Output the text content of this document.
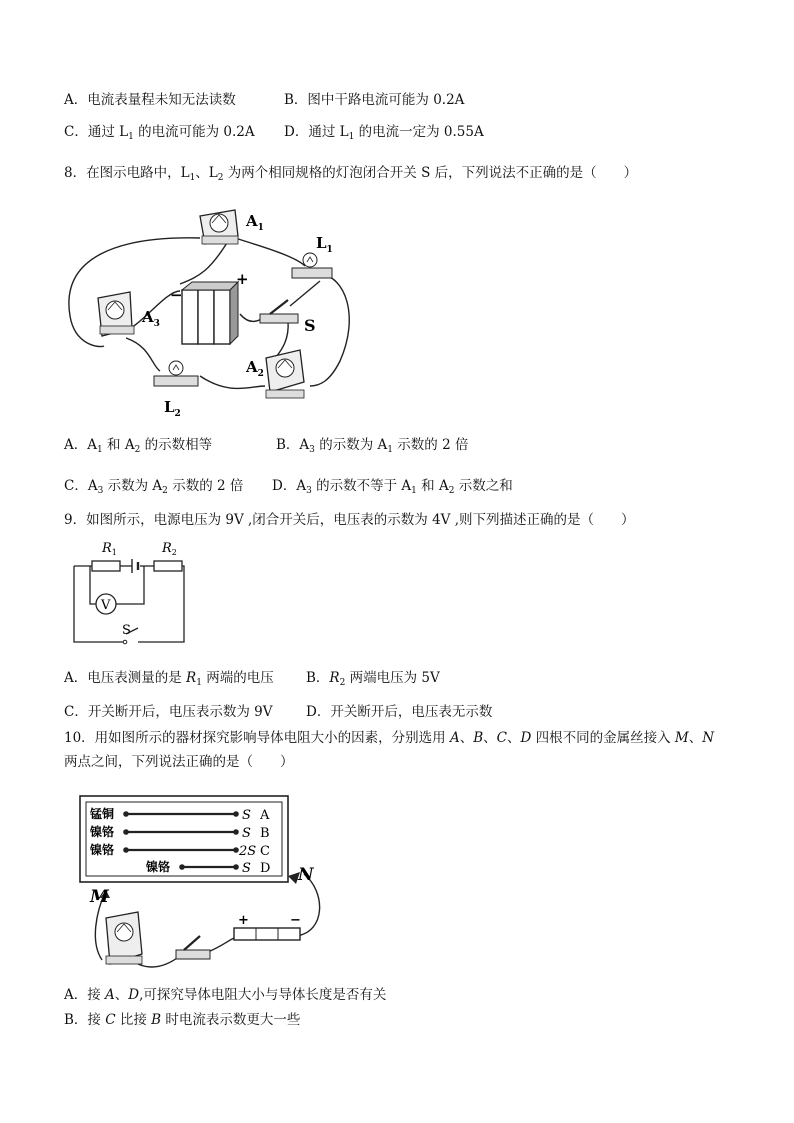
A．电流表量程未知无法读数	B．图中干路电流可能为 0.2A
C．通过 $L_1$ 的电流可能为 0.2A D．通过 $L_1$ 的电流一定为 0.55A
8．在图示电路中，$L_1$、$L_2$ 为两个相同规格的灯泡闭合开关 S 后，下列说法不正确的是（　　）
$A_1$
$L_1$
$A_3$	S
+
−
$A_2$
$L_2$
A．$A_1$ 和 $A_2$ 的示数相等	B．$A_3$ 的示数为 $A_1$ 示数的 2 倍
C．$A_3$ 示数为 $A_2$ 示数的 2 倍 D．$A_3$ 的示数不等于 $A_1$ 和 $A_2$ 示数之和
9．如图所示，电源电压为 9V ,闭合开关后，电压表的示数为 4V ,则下列描述正确的是（　　）
V
$R_1$	$R_2$
S
A．电压表测量的是 $R_1$ 两端的电压 B．$R_2$ 两端电压为 5V
C．开关断开后，电压表示数为 9V D．开关断开后，电压表无示数
10．用如图所示的器材探究影响导体电阻大小的因素，分别选用 A、B、C、D 四根不同的金属丝接入 M、N
两点之间，下列说法正确的是（　　）
锰铜
镍铬
镍铬
镍铬
S
S
2S
S
A
B
C
D
M
N
+	−
A．接 A、D,可探究导体电阻大小与导体长度是否有关
B．接 C 比接 B 时电流表示数更大一些
